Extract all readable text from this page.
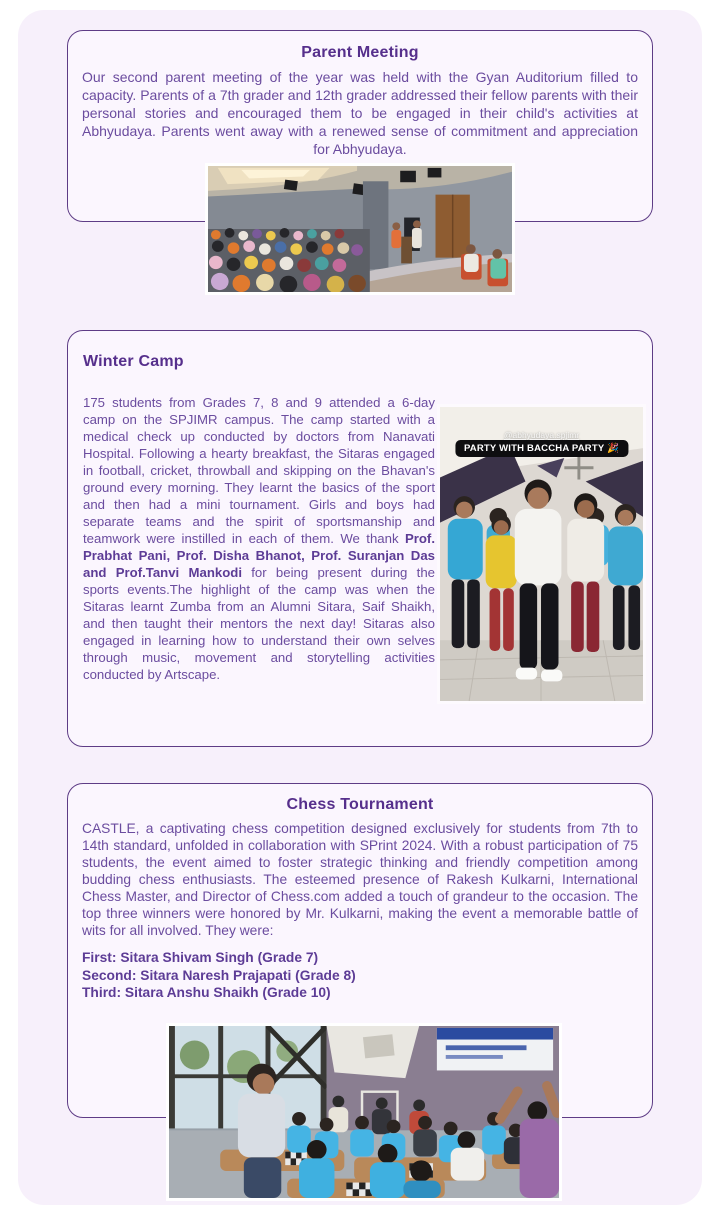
Parent Meeting

Our second parent meeting of the year was held with the Gyan Auditorium filled to capacity. Parents of a 7th grader and 12th grader addressed their fellow parents with their personal stories and encouraged them to be engaged in their child's activities at Abhyudaya. Parents went away with a renewed sense of commitment and appreciation for Abhyudaya.

Winter Camp

175 students from Grades 7, 8 and 9 attended a 6-day camp on the SPJIMR campus. The camp started with a medical check up conducted by doctors from Nanavati Hospital. Following a hearty breakfast, the Sitaras engaged in football, cricket, throwball and skipping on the Bhavan's ground every morning. They learnt the basics of the sport and then had a mini tournament. Girls and boys had separate teams and the spirit of sportsmanship and teamwork were instilled in each of them. We thank Prof. Prabhat Pani, Prof. Disha Bhanot, Prof. Suranjan Das and Prof.Tanvi Mankodi for being present during the sports events.The highlight of the camp was when the Sitaras learnt Zumba from an Alumni Sitara, Saif Shaikh, and then taught their mentors the next day! Sitaras also engaged in learning how to understand their own selves through music, movement and storytelling activities conducted by Artscape.

@abhyudaya.spjimr
PARTY WITH BACCHA PARTY 🎉
Chess Tournament

CASTLE, a captivating chess competition designed exclusively for students from 7th to 14th standard, unfolded in collaboration with SPrint 2024. With a robust participation of 75 students, the event aimed to foster strategic thinking and friendly competition among budding chess enthusiasts. The esteemed presence of Rakesh Kulkarni, International Chess Master, and Director of Chess.com added a touch of grandeur to the occasion. The top three winners were honored by Mr. Kulkarni, making the event a memorable battle of wits for all involved. They were:

First: Sitara Shivam Singh (Grade 7)
Second: Sitara Naresh Prajapati (Grade 8)
Third: Sitara Anshu Shaikh (Grade 10)
